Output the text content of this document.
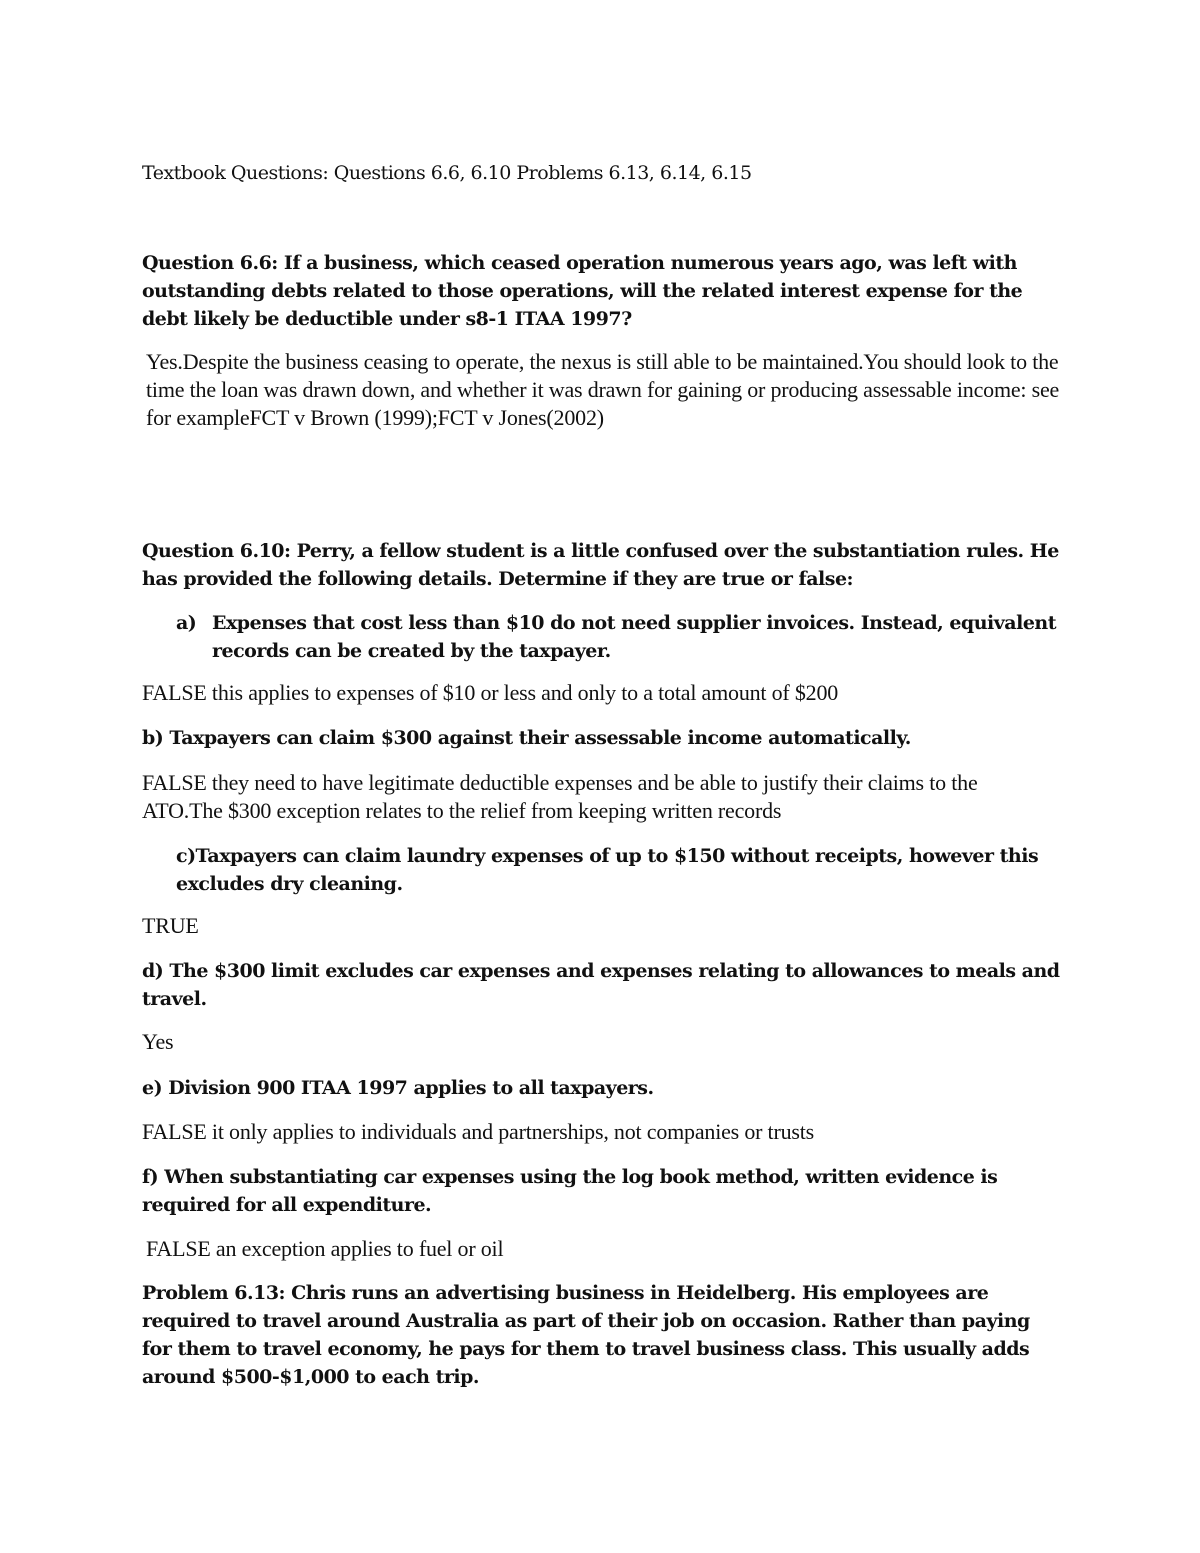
Textbook Questions: Questions 6.6, 6.10 Problems 6.13, 6.14, 6.15

Question 6.6: If a business, which ceased operation numerous years ago, was left with outstanding debts related to those operations, will the related interest expense for the debt likely be deductible under s8-1 ITAA 1997?

Yes.Despite the business ceasing to operate, the nexus is still able to be maintained.You should look to the time the loan was drawn down, and whether it was drawn for gaining or producing assessable income: see for exampleFCT v Brown (1999);FCT v Jones(2002)

Question 6.10: Perry, a fellow student is a little confused over the substantiation rules. He has provided the following details. Determine if they are true or false:

a) Expenses that cost less than $10 do not need supplier invoices. Instead, equivalent records can be created by the taxpayer.

FALSE this applies to expenses of $10 or less and only to a total amount of $200

b) Taxpayers can claim $300 against their assessable income automatically.

FALSE they need to have legitimate deductible expenses and be able to justify their claims to the ATO.The $300 exception relates to the relief from keeping written records

c)Taxpayers can claim laundry expenses of up to $150 without receipts, however this excludes dry cleaning.

TRUE

d) The $300 limit excludes car expenses and expenses relating to allowances to meals and travel.

Yes

e) Division 900 ITAA 1997 applies to all taxpayers.

FALSE it only applies to individuals and partnerships, not companies or trusts

f) When substantiating car expenses using the log book method, written evidence is required for all expenditure.

FALSE an exception applies to fuel or oil

Problem 6.13: Chris runs an advertising business in Heidelberg. His employees are required to travel around Australia as part of their job on occasion. Rather than paying for them to travel economy, he pays for them to travel business class. This usually adds around $500-$1,000 to each trip.
